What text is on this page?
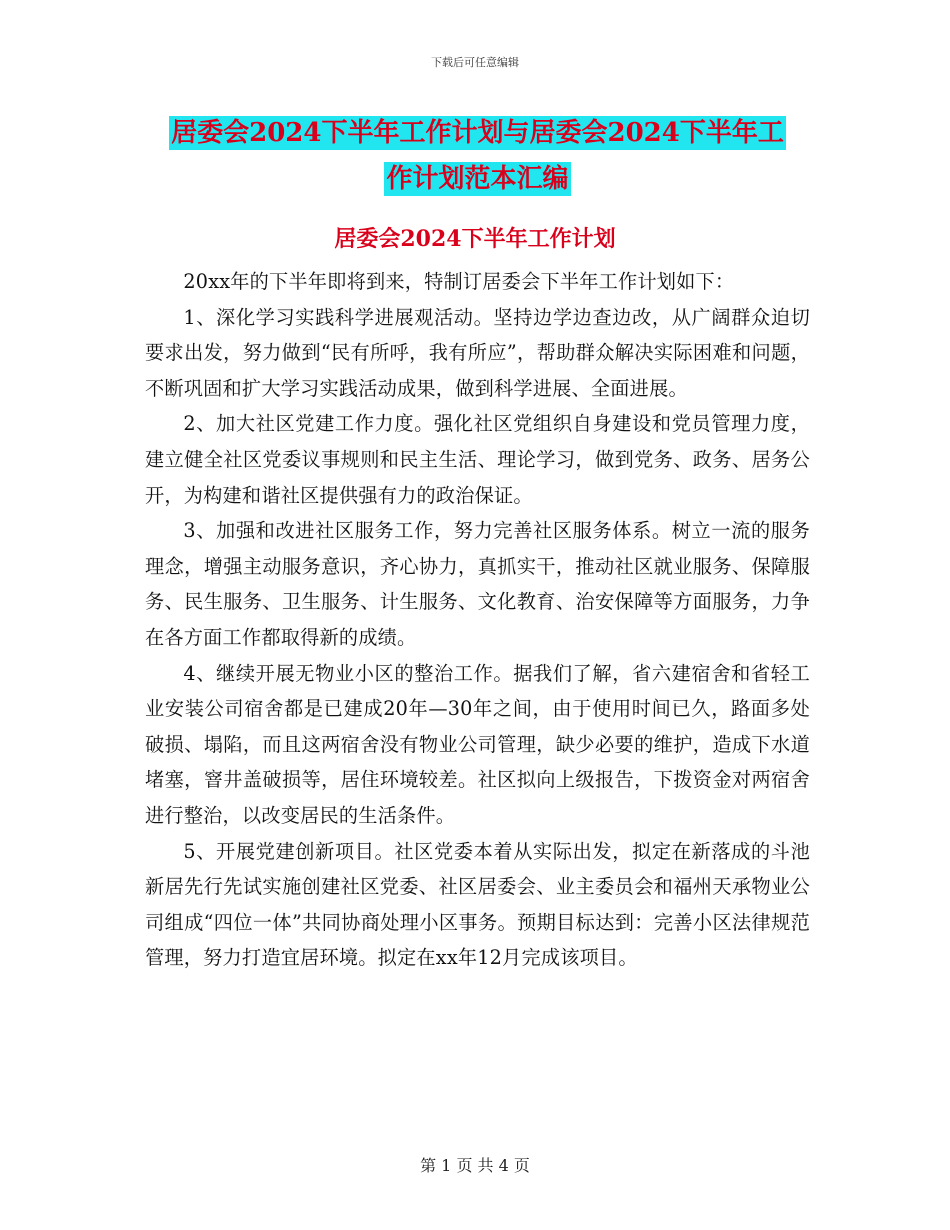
下载后可任意编辑
居委会2024下半年工作计划与居委会2024下半年工
作计划范本汇编
居委会2024下半年工作计划

20xx年的下半年即将到来，特制订居委会下半年工作计划如下：

1、深化学习实践科学进展观活动。坚持边学边查边改，从广阔群众迫切要求出发，努力做到“民有所呼，我有所应”，帮助群众解决实际困难和问题，不断巩固和扩大学习实践活动成果，做到科学进展、全面进展。

2、加大社区党建工作力度。强化社区党组织自身建设和党员管理力度，建立健全社区党委议事规则和民主生活、理论学习，做到党务、政务、居务公开，为构建和谐社区提供强有力的政治保证。

3、加强和改进社区服务工作，努力完善社区服务体系。树立一流的服务理念，增强主动服务意识，齐心协力，真抓实干，推动社区就业服务、保障服务、民生服务、卫生服务、计生服务、文化教育、治安保障等方面服务，力争在各方面工作都取得新的成绩。

4、继续开展无物业小区的整治工作。据我们了解，省六建宿舍和省轻工业安装公司宿舍都是已建成20年—30年之间，由于使用时间已久，路面多处破损、塌陷，而且这两宿舍没有物业公司管理，缺少必要的维护，造成下水道堵塞，窨井盖破损等，居住环境较差。社区拟向上级报告，下拨资金对两宿舍进行整治，以改变居民的生活条件。

5、开展党建创新项目。社区党委本着从实际出发，拟定在新落成的斗池新居先行先试实施创建社区党委、社区居委会、业主委员会和福州天承物业公司组成“四位一体”共同协商处理小区事务。预期目标达到：完善小区法律规范管理，努力打造宜居环境。拟定在xx年12月完成该项目。

第 1 页 共 4 页
